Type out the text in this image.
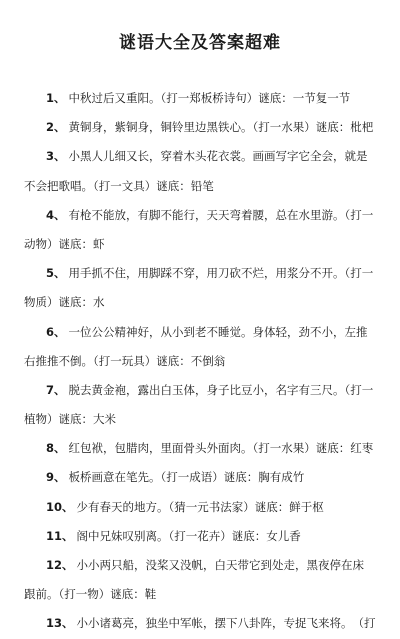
谜语大全及答案超难
1、 中秋过后又重阳。（打一郑板桥诗句）谜底：一节复一节
2、 黄铜身，紫铜身，铜铃里边黑铁心。（打一水果）谜底：枇杷
3、 小黑人儿细又长，穿着木头花衣裳。画画写字它全会，就是
不会把歌唱。（打一文具）谜底：铅笔
4、 有枪不能放，有脚不能行，天天弯着腰，总在水里游。（打一
动物）谜底：虾
5、 用手抓不住，用脚踩不穿，用刀砍不烂，用浆分不开。（打一
物质）谜底：水
6、 一位公公精神好，从小到老不睡觉。身体轻，劲不小，左推
右推推不倒。（打一玩具）谜底：不倒翁
7、 脱去黄金袍，露出白玉体，身子比豆小，名字有三尺。（打一
植物）谜底：大米
8、 红包袱，包腊肉，里面骨头外面肉。（打一水果）谜底：红枣
9、 板桥画意在笔先。（打一成语）谜底：胸有成竹
10、 少有春天的地方。（猜一元书法家）谜底：鲜于枢
11、 阁中兄妹叹别离。（打一花卉）谜底：女儿香
12、 小小两只船，没桨又没帆，白天带它到处走，黑夜停在床
跟前。（打一物）谜底：鞋
13、 小小诸葛亮，独坐中军帐，摆下八卦阵，专捉飞来将。　（打
